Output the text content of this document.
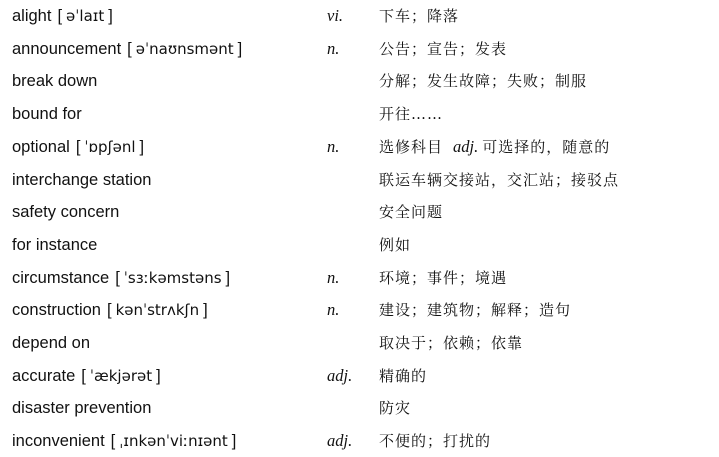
alight [ əˈlaɪt ]	vi. 下车；降落
announcement [ əˈnaʊnsmənt ]	n.	公告；宣告；发表
break down	分解；发生故障；失败；制服
bound for	开往……
optional [ ˈɒpʃənl ]	n.	选修科目 adj. 可选择的，随意的
interchange station	联运车辆交接站，交汇站；接驳点
safety concern	安全问题
for instance	例如
circumstance [ ˈsɜːkəmstəns ]	n.	环境；事件；境遇
construction [ kənˈstrʌkʃn ]	n.	建设；建筑物；解释；造句
depend on	取决于；依赖；依靠
accurate [ ˈækjərət ]	adj. 精确的
disaster prevention	防灾
inconvenient [ ˌɪnkənˈviːnɪənt ]	adj. 不便的；打扰的
